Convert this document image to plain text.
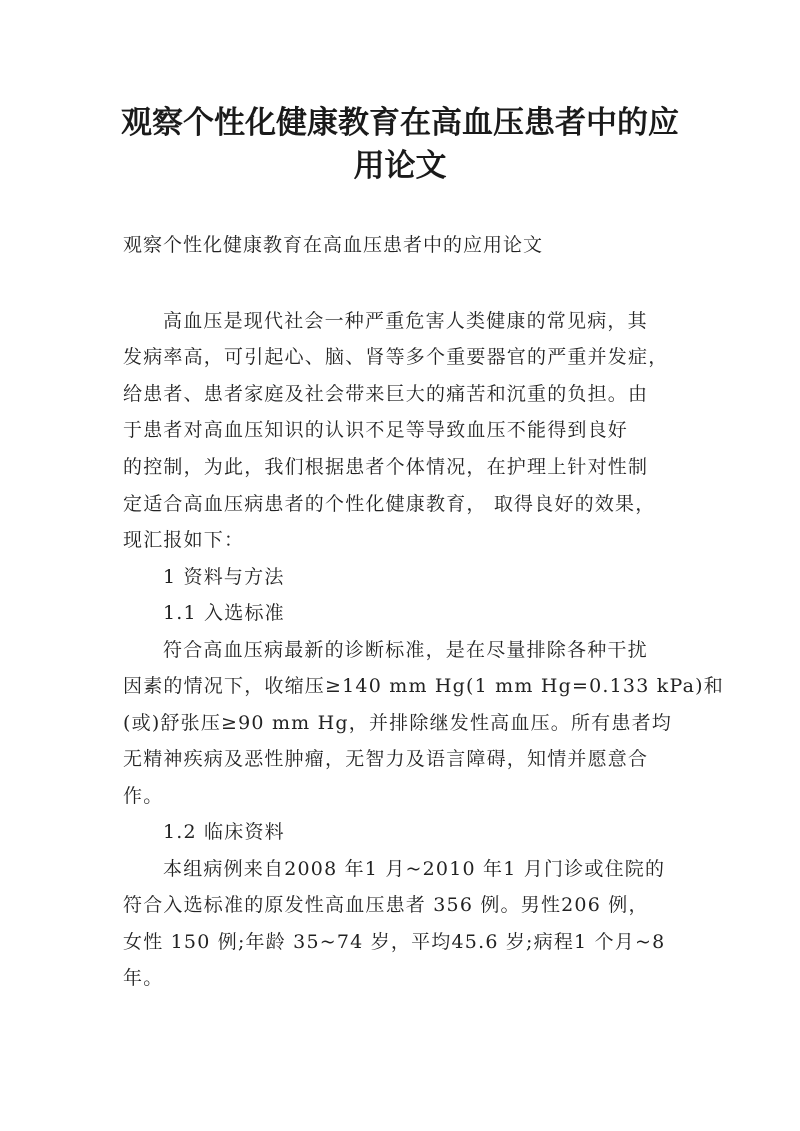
观察个性化健康教育在高血压患者中的应
用论文
观察个性化健康教育在高血压患者中的应用论文
高血压是现代社会一种严重危害人类健康的常见病，其
发病率高，可引起心、脑、肾等多个重要器官的严重并发症，
给患者、患者家庭及社会带来巨大的痛苦和沉重的负担。由
于患者对高血压知识的认识不足等导致血压不能得到良好
的控制，为此，我们根据患者个体情况，在护理上针对性制
定适合高血压病患者的个性化健康教育， 取得良好的效果，
现汇报如下：
1 资料与方法
1.1 入选标准
符合高血压病最新的诊断标准，是在尽量排除各种干扰
因素的情况下，收缩压≥140 mm Hg(1 mm Hg=0.133 kPa)和
(或)舒张压≥90 mm Hg，并排除继发性高血压。所有患者均
无精神疾病及恶性肿瘤，无智力及语言障碍，知情并愿意合
作。
1.2 临床资料
本组病例来自2008 年1 月~2010 年1 月门诊或住院的
符合入选标准的原发性高血压患者 356 例。男性206 例，
女性 150 例;年龄 35~74 岁，平均45.6 岁;病程1 个月~8
年。
